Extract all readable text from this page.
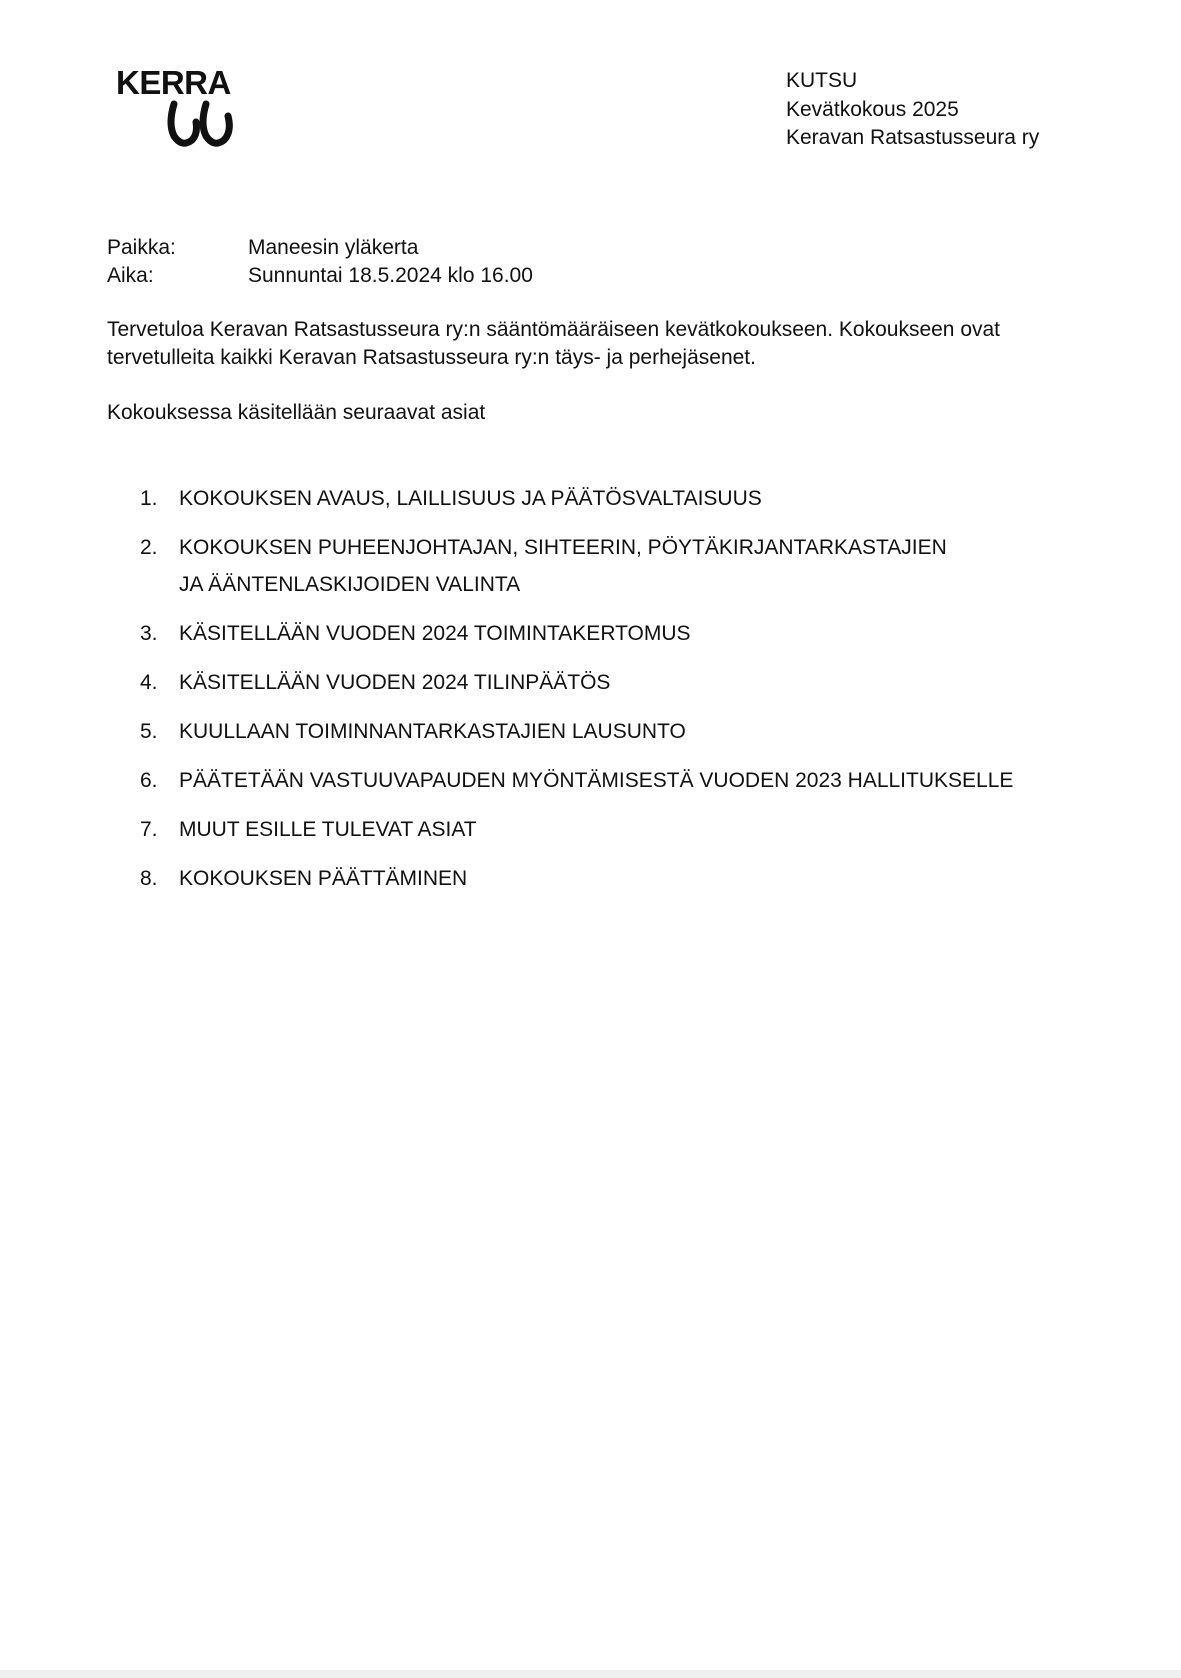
KERRA	KUTSU
Kevätkokous 2025
Keravan Ratsastusseura ry
Paikka:	Maneesin yläkerta
Aika:	Sunnuntai 18.5.2024 klo 16.00

Tervetuloa Keravan Ratsastusseura ry:n sääntömääräiseen kevätkokoukseen. Kokoukseen ovat

tervetulleita kaikki Keravan Ratsastusseura ry:n täys- ja perhejäsenet.

Kokouksessa käsitellään seuraavat asiat
1.	KOKOUKSEN AVAUS, LAILLISUUS JA PÄÄTÖSVALTAISUUS
2.	KOKOUKSEN PUHEENJOHTAJAN, SIHTEERIN, PÖYTÄKIRJANTARKASTAJIEN
JA ÄÄNTENLASKIJOIDEN VALINTA
3.	KÄSITELLÄÄN VUODEN 2024 TOIMINTAKERTOMUS
4.	KÄSITELLÄÄN VUODEN 2024 TILINPÄÄTÖS
5.	KUULLAAN TOIMINNANTARKASTAJIEN LAUSUNTO
6.	PÄÄTETÄÄN VASTUUVAPAUDEN MYÖNTÄMISESTÄ VUODEN 2023 HALLITUKSELLE
7.	MUUT ESILLE TULEVAT ASIAT
8.	KOKOUKSEN PÄÄTTÄMINEN
